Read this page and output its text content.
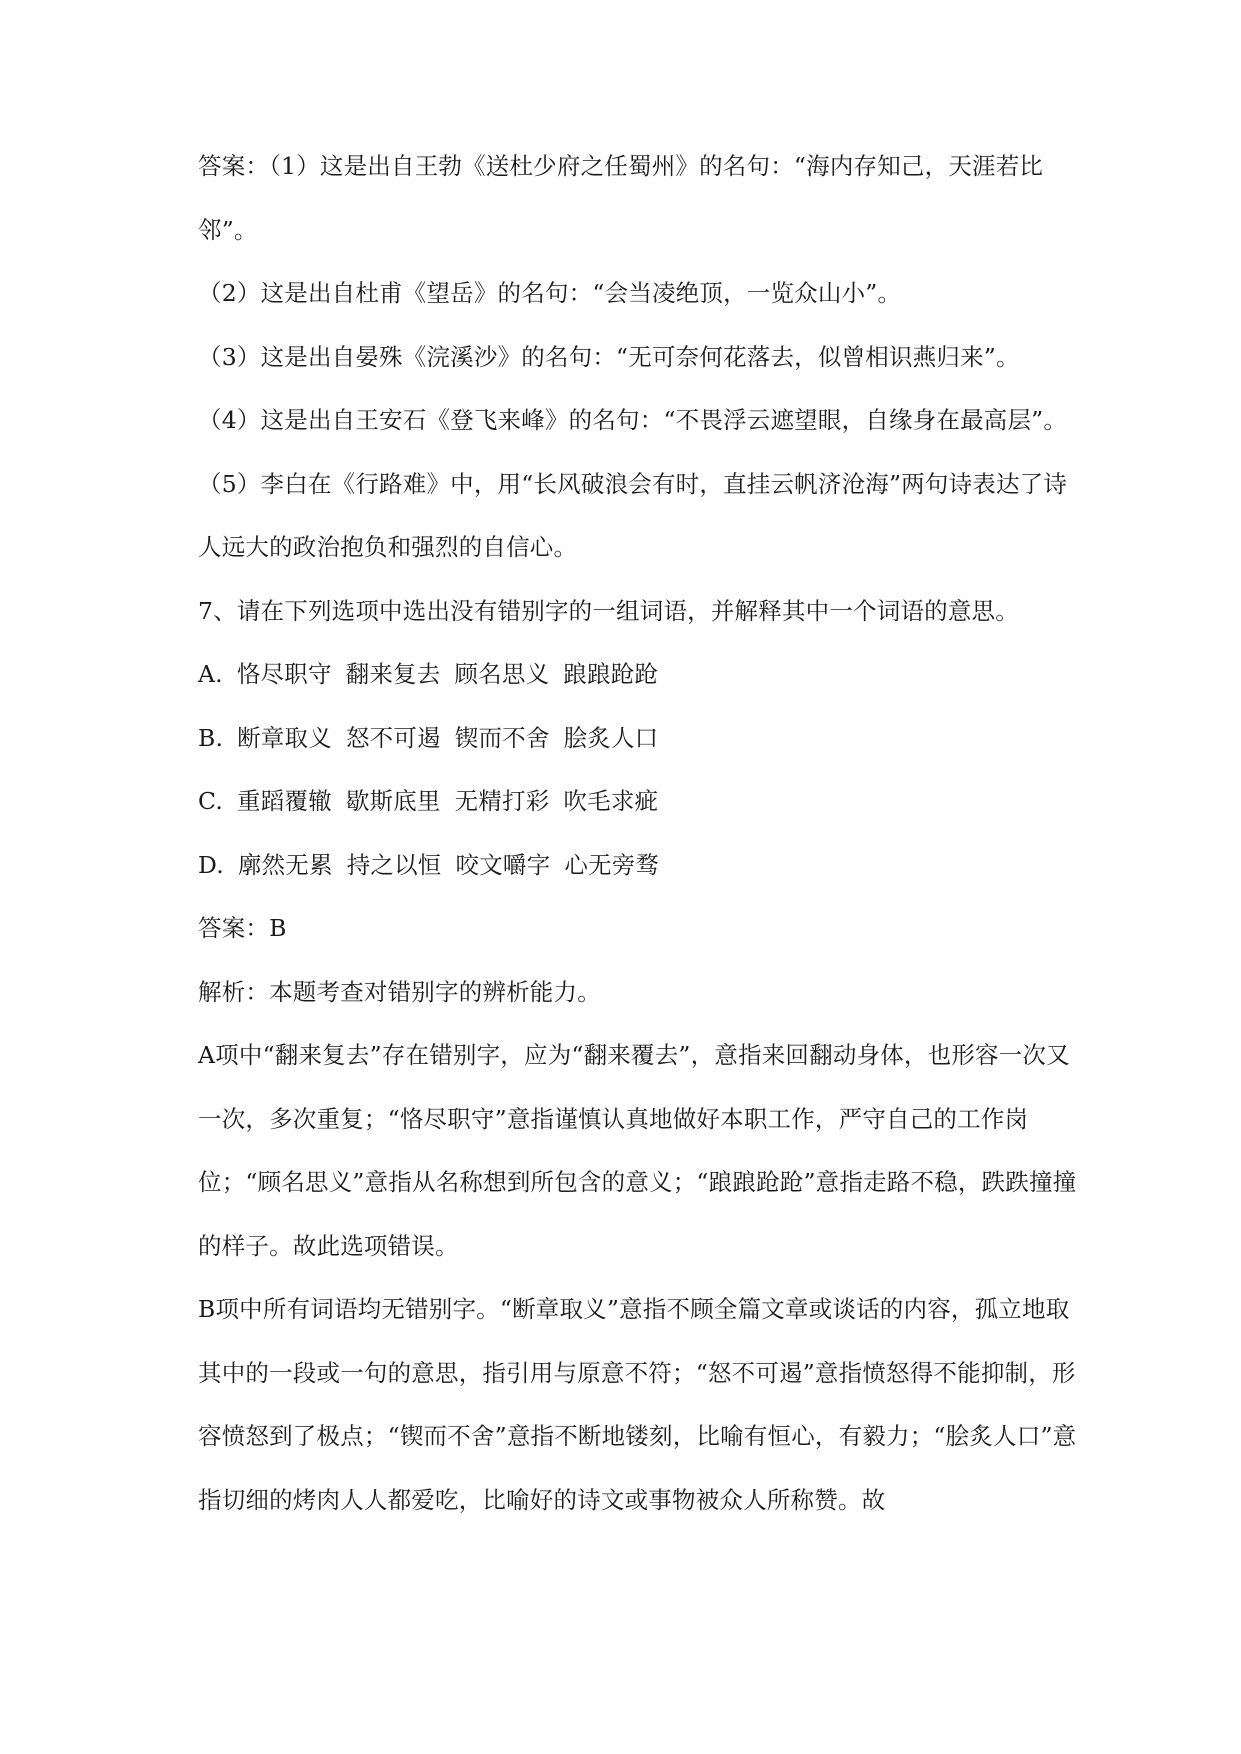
答案：（1）这是出自王勃《送杜少府之任蜀州》的名句：“海内存知己，天涯若比邻”。

（2）这是出自杜甫《望岳》的名句：“会当凌绝顶，一览众山小”。

（3）这是出自晏殊《浣溪沙》的名句：“无可奈何花落去，似曾相识燕归来”。

（4）这是出自王安石《登飞来峰》的名句：“不畏浮云遮望眼，自缘身在最高层”。

（5）李白在《行路难》中，用“长风破浪会有时，直挂云帆济沧海”两句诗表达了诗人远大的政治抱负和强烈的自信心。

7、请在下列选项中选出没有错别字的一组词语，并解释其中一个词语的意思。

A. 恪尽职守 翻来复去 顾名思义 踉踉跄跄

B. 断章取义 怒不可遏 锲而不舍 脍炙人口

C. 重蹈覆辙 歇斯底里 无精打彩 吹毛求疵

D. 廓然无累 持之以恒 咬文嚼字 心无旁骛

答案：B

解析：本题考查对错别字的辨析能力。

A项中“翻来复去”存在错别字，应为“翻来覆去”，意指来回翻动身体，也形容一次又一次，多次重复；“恪尽职守”意指谨慎认真地做好本职工作，严守自己的工作岗位；“顾名思义”意指从名称想到所包含的意义；“踉踉跄跄”意指走路不稳，跌跌撞撞的样子。故此选项错误。

B项中所有词语均无错别字。“断章取义”意指不顾全篇文章或谈话的内容，孤立地取其中的一段或一句的意思，指引用与原意不符；“怒不可遏”意指愤怒得不能抑制，形容愤怒到了极点；“锲而不舍”意指不断地镂刻，比喻有恒心，有毅力；“脍炙人口”意指切细的烤肉人人都爱吃，比喻好的诗文或事物被众人所称赞。故
